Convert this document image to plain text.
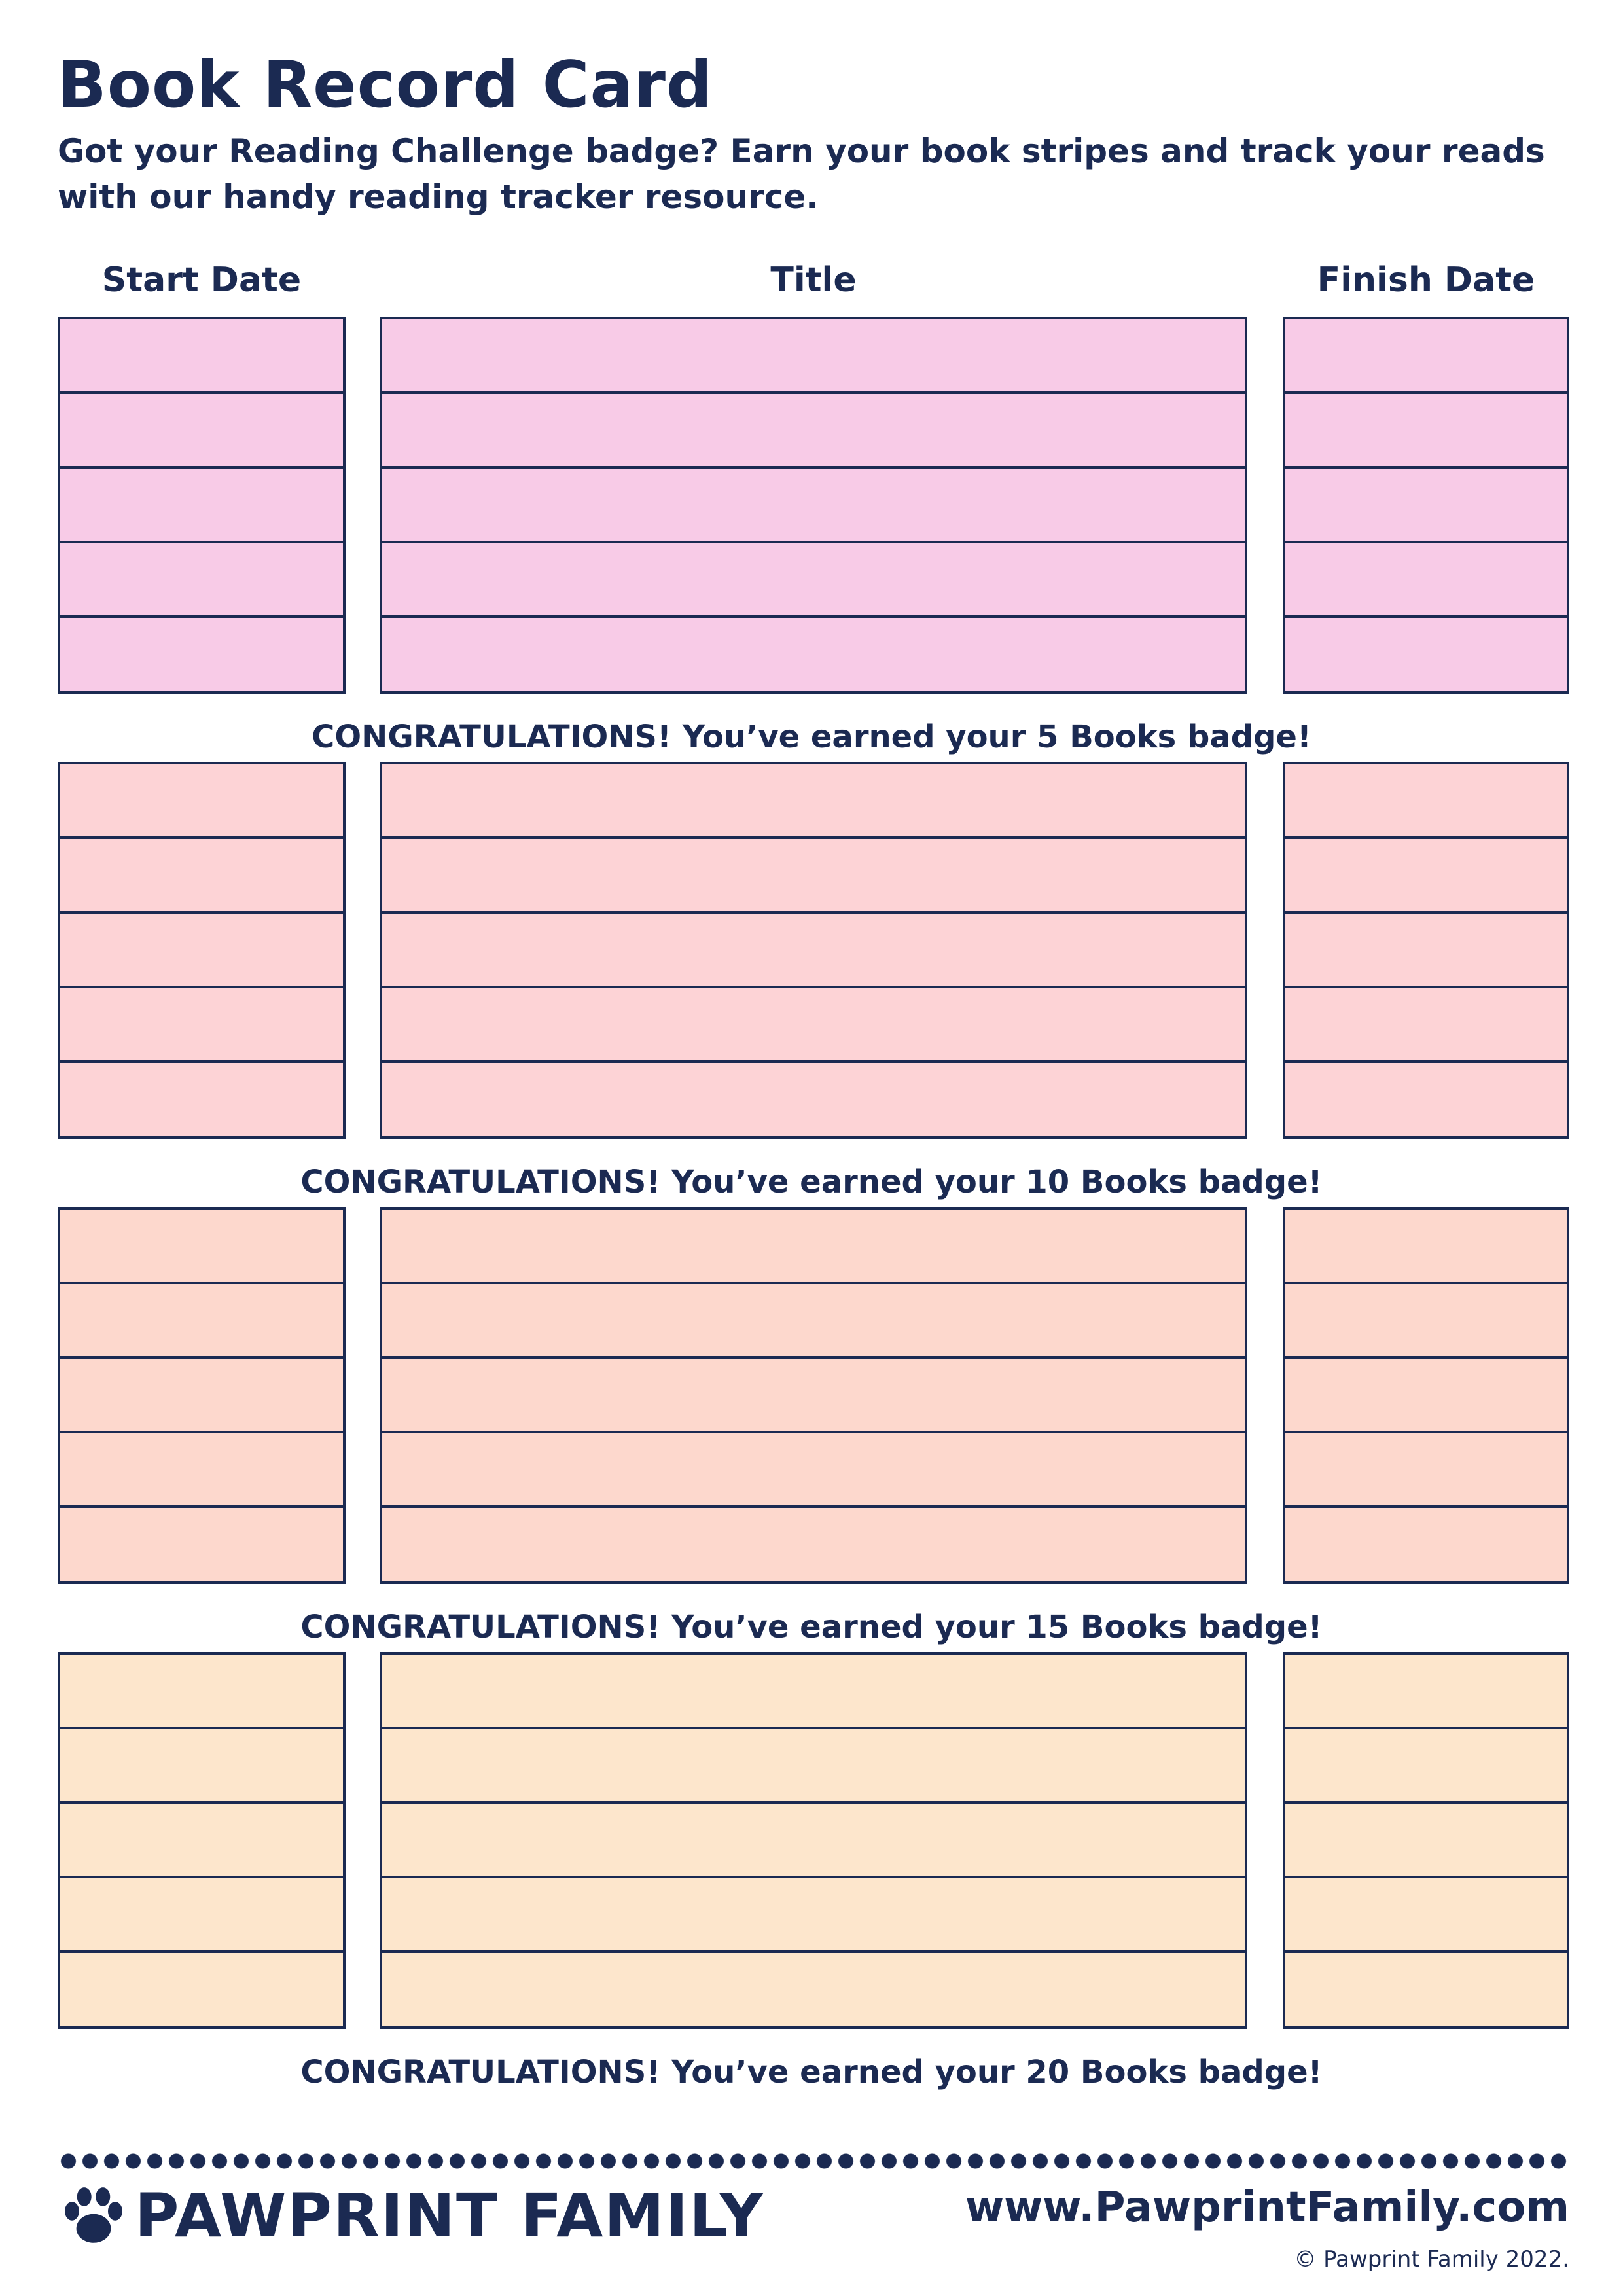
Book Record Card
Got your Reading Challenge badge? Earn your book stripes and track your reads with our handy reading tracker resource.
Start Date	Title	Finish Date
CONGRATULATIONS! You’ve earned your 5 Books badge!
CONGRATULATIONS! You’ve earned your 10 Books badge!
CONGRATULATIONS! You’ve earned your 15 Books badge!
CONGRATULATIONS! You’ve earned your 20 Books badge!
PAWPRINT FAMILY	www.PawprintFamily.com
© Pawprint Family 2022.
